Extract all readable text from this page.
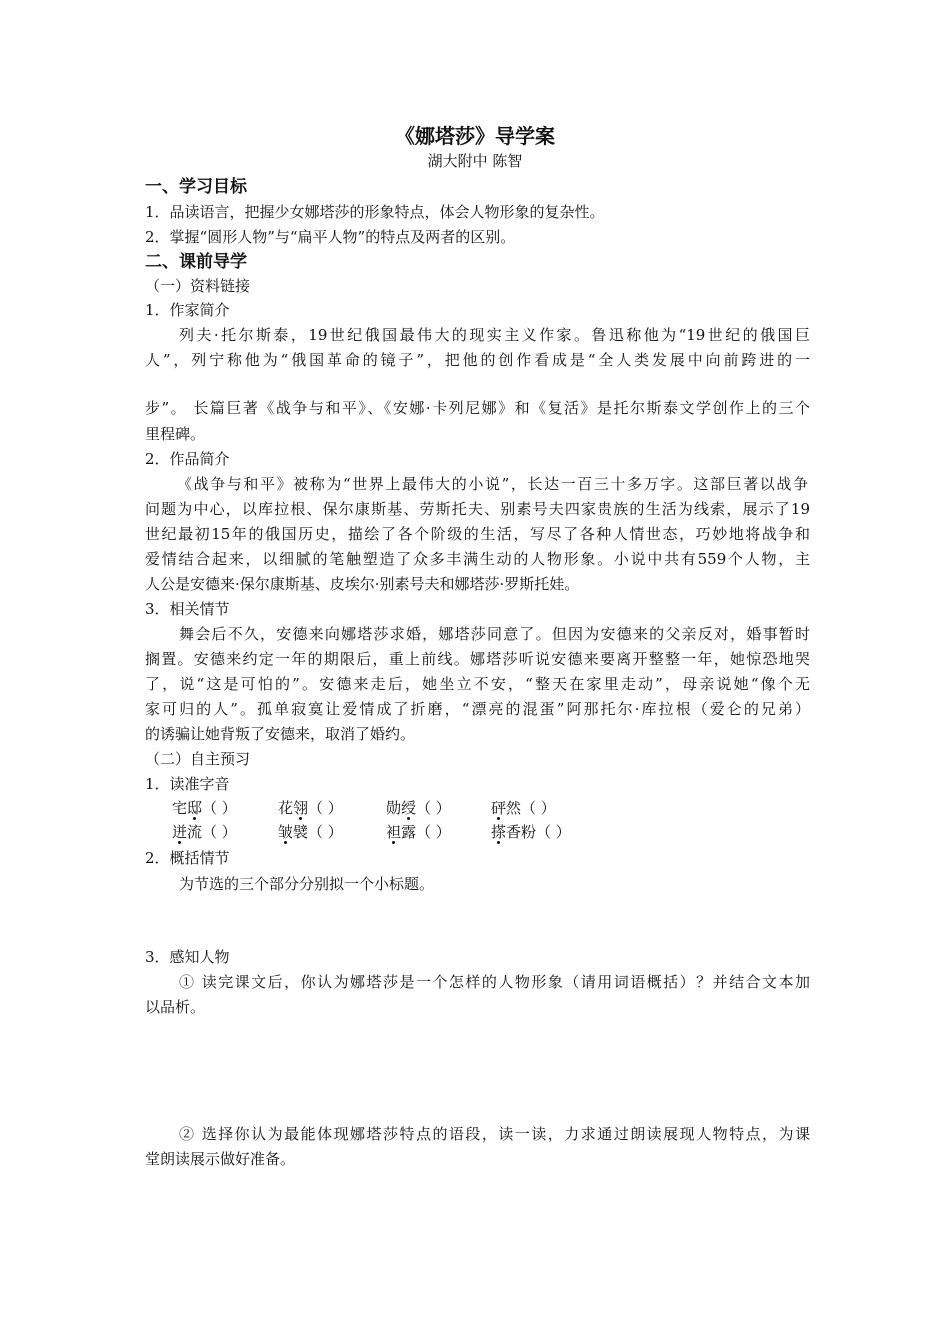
《娜塔莎》导学案
湖大附中 陈智
一、学习目标
1．品读语言，把握少女娜塔莎的形象特点，体会人物形象的复杂性。
2．掌握“圆形人物”与“扁平人物”的特点及两者的区别。
二、课前导学
（一）资料链接
1．作家简介
列夫·托尔斯泰，19世纪俄国最伟大的现实主义作家。鲁迅称他为“19世纪的俄国巨
人”，列宁称他为“俄国革命的镜子”，把他的创作看成是“全人类发展中向前跨进的一
步”。 长篇巨著《战争与和平》、《安娜·卡列尼娜》和《复活》是托尔斯泰文学创作上的三个
里程碑。
2．作品简介
《战争与和平》被称为“世界上最伟大的小说”，长达一百三十多万字。这部巨著以战争
问题为中心，以库拉根、保尔康斯基、劳斯托夫、别素号夫四家贵族的生活为线索，展示了19
世纪最初15年的俄国历史，描绘了各个阶级的生活，写尽了各种人情世态，巧妙地将战争和
爱情结合起来，以细腻的笔触塑造了众多丰满生动的人物形象。小说中共有559个人物，主
人公是安德来·保尔康斯基、皮埃尔·别素号夫和娜塔莎·罗斯托娃。
3．相关情节
舞会后不久，安德来向娜塔莎求婚，娜塔莎同意了。但因为安德来的父亲反对，婚事暂时
搁置。安德来约定一年的期限后，重上前线。娜塔莎听说安德来要离开整整一年，她惊恐地哭
了，说“这是可怕的”。安德来走后，她坐立不安，“整天在家里走动”，母亲说她“像个无
家可归的人”。孤单寂寞让爱情成了折磨，“漂亮的混蛋”阿那托尔·库拉根（爱仑的兄弟）
的诱骗让她背叛了安德来，取消了婚约。
（二）自主预习
1．读准字音
宅邸（ ）	花翎（ ）	勋绶（ ）	砰然（ ）
迸流（ ）	皱襞（ ）	袒露（ ）	搽香粉（ ）
2．概括情节
为节选的三个部分分别拟一个小标题。
3．感知人物
① 读完课文后，你认为娜塔莎是一个怎样的人物形象（请用词语概括）？并结合文本加
以品析。
② 选择你认为最能体现娜塔莎特点的语段，读一读，力求通过朗读展现人物特点，为课
堂朗读展示做好准备。
